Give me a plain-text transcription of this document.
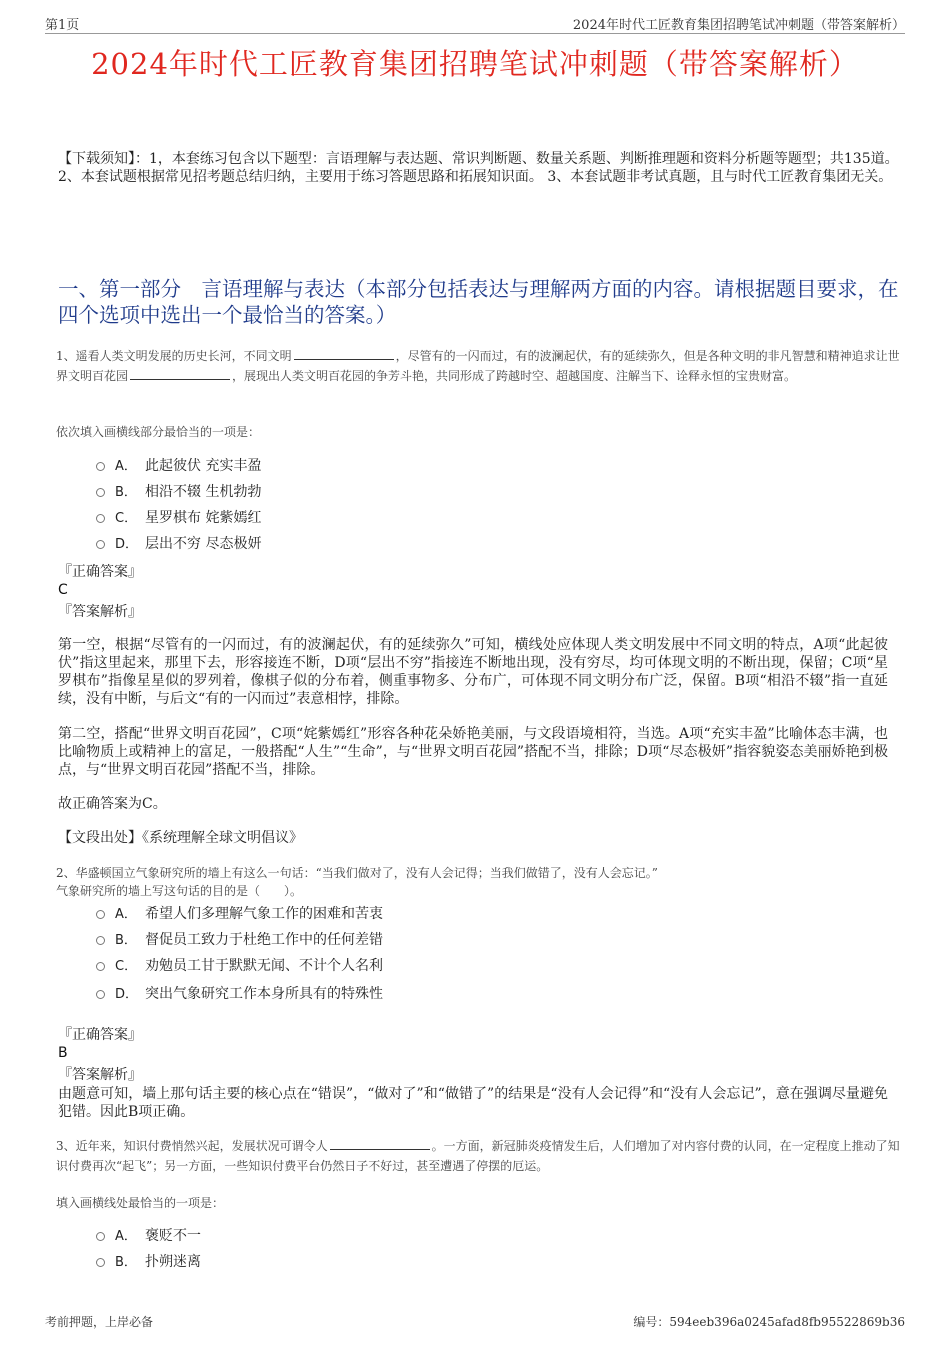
第1页	2024年时代工匠教育集团招聘笔试冲刺题（带答案解析）
2024年时代工匠教育集团招聘笔试冲刺题（带答案解析）
【下载须知】：1，本套练习包含以下题型：言语理解与表达题、常识判断题、数量关系题、判断推理题和资料分析题等题型；共135道。 2、本套试题根据常见招考题总结归纳，主要用于练习答题思路和拓展知识面。 3、本套试题非考试真题，且与时代工匠教育集团无关。
一、第一部分　言语理解与表达（本部分包括表达与理解两方面的内容。请根据题目要求，在四个选项中选出一个最恰当的答案。）
1、遥看人类文明发展的历史长河，不同文明	，尽管有的一闪而过，有的波澜起伏，有的延续弥久，但是各种文明的非凡智慧和精神追求让世界文明百花园	，展现出人类文明百花园的争芳斗艳，共同形成了跨越时空、超越国度、注解当下、诠释永恒的宝贵财富。
依次填入画横线部分最恰当的一项是：
A． 此起彼伏 充实丰盈
B． 相沿不辍 生机勃勃
C． 星罗棋布 姹紫嫣红
D． 层出不穷 尽态极妍
『正确答案』
C
『答案解析』
第一空，根据“尽管有的一闪而过，有的波澜起伏，有的延续弥久”可知，横线处应体现人类文明发展中不同文明的特点，A项“此起彼伏”指这里起来，那里下去，形容接连不断，D项“层出不穷”指接连不断地出现，没有穷尽，均可体现文明的不断出现，保留；C项“星罗棋布”指像星星似的罗列着，像棋子似的分布着，侧重事物多、分布广，可体现不同文明分布广泛，保留。B项“相沿不辍”指一直延续，没有中断，与后文“有的一闪而过”表意相悖，排除。
第二空，搭配“世界文明百花园”，C项“姹紫嫣红”形容各种花朵娇艳美丽，与文段语境相符，当选。A项“充实丰盈”比喻体态丰满，也比喻物质上或精神上的富足，一般搭配“人生”“生命”，与“世界文明百花园”搭配不当，排除；D项“尽态极妍”指容貌姿态美丽娇艳到极点，与“世界文明百花园”搭配不当，排除。
故正确答案为C。
【文段出处】《系统理解全球文明倡议》
2、华盛顿国立气象研究所的墙上有这么一句话：“当我们做对了，没有人会记得；当我们做错了，没有人会忘记。”
气象研究所的墙上写这句话的目的是（　　）。
A． 希望人们多理解气象工作的困难和苦衷
B． 督促员工致力于杜绝工作中的任何差错
C． 劝勉员工甘于默默无闻、不计个人名利
D． 突出气象研究工作本身所具有的特殊性
『正确答案』
B
『答案解析』
由题意可知，墙上那句话主要的核心点在“错误”，“做对了”和“做错了”的结果是“没有人会记得”和“没有人会忘记”，意在强调尽量避免犯错。因此B项正确。
3、近年来，知识付费悄然兴起，发展状况可谓令人	。一方面，新冠肺炎疫情发生后，人们增加了对内容付费的认同，在一定程度上推动了知识付费再次“起飞”；另一方面，一些知识付费平台仍然日子不好过，甚至遭遇了停摆的厄运。
填入画横线处最恰当的一项是：
A． 褒贬不一
B． 扑朔迷离
考前押题，上岸必备	编号：594eeb396a0245afad8fb95522869b36
